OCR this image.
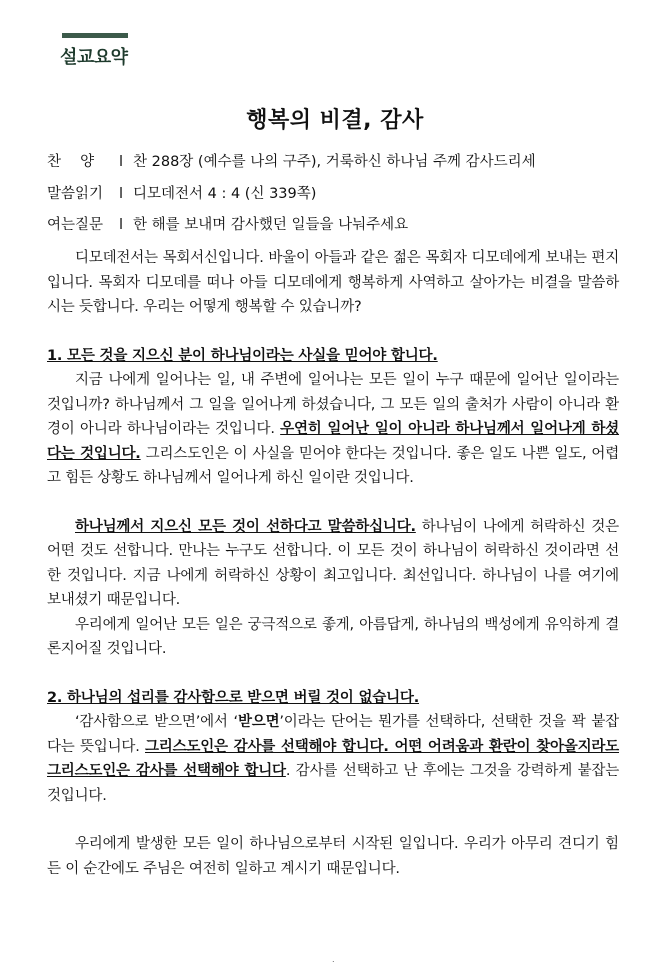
설교요약
행복의 비결, 감사
찬　 양 l 찬 288장 (예수를 나의 구주), 거룩하신 하나님 주께 감사드리세
말씀읽기 l 디모데전서 4 : 4 (신 339쪽)
여는질문 l 한 해를 보내며 감사했던 일들을 나눠주세요

디모데전서는 목회서신입니다. 바울이 아들과 같은 젊은 목회자 디모데에게 보내는 편지입니다. 목회자 디모데를 떠나 아들 디모데에게 행복하게 사역하고 살아가는 비결을 말씀하시는 듯합니다. 우리는 어떻게 행복할 수 있습니까?

1. 모든 것을 지으신 분이 하나님이라는 사실을 믿어야 합니다.

지금 나에게 일어나는 일, 내 주변에 일어나는 모든 일이 누구 때문에 일어난 일이라는 것입니까? 하나님께서 그 일을 일어나게 하셨습니다, 그 모든 일의 출처가 사람이 아니라 환경이 아니라 하나님이라는 것입니다. 우연히 일어난 일이 아니라 하나님께서 일어나게 하셨다는 것입니다. 그리스도인은 이 사실을 믿어야 한다는 것입니다. 좋은 일도 나쁜 일도, 어렵고 힘든 상황도 하나님께서 일어나게 하신 일이란 것입니다.

하나님께서 지으신 모든 것이 선하다고 말씀하십니다. 하나님이 나에게 허락하신 것은 어떤 것도 선합니다. 만나는 누구도 선합니다. 이 모든 것이 하나님이 허락하신 것이라면 선한 것입니다. 지금 나에게 허락하신 상황이 최고입니다. 최선입니다. 하나님이 나를 여기에 보내셨기 때문입니다.

우리에게 일어난 모든 일은 궁극적으로 좋게, 아름답게, 하나님의 백성에게 유익하게 결론지어질 것입니다.

2. 하나님의 섭리를 감사함으로 받으면 버릴 것이 없습니다.

‘감사함으로 받으면’에서 ‘받으면’이라는 단어는 뭔가를 선택하다, 선택한 것을 꽉 붙잡다는 뜻입니다. 그리스도인은 감사를 선택해야 합니다. 어떤 어려움과 환란이 찾아올지라도 그리스도인은 감사를 선택해야 합니다. 감사를 선택하고 난 후에는 그것을 강력하게 붙잡는 것입니다.

우리에게 발생한 모든 일이 하나님으로부터 시작된 일입니다. 우리가 아무리 견디기 힘든 이 순간에도 주님은 여전히 일하고 계시기 때문입니다.

.
